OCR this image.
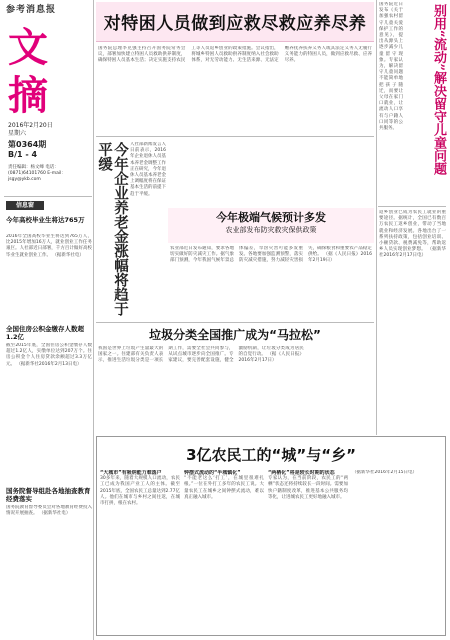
参考消息报
文
摘
2016年2月20日
星期六
第0364期
B/1 - 4
责任编辑：杨文峰 电话：(0871)64101760 E-mail：jsgy@ykb.com
信息窗
今年高校毕业生将达765万
2016年全国高校毕业生将达到765万人，比2015年增加16万人，就业创业工作任务艰巨。人社部近日部署，千方百计做好高校毕业生就业创业工作。 （据新华社电）
全国住房公积金缴存人数超1.2亿
截至2015年底，全国住房公积金缴存人数超过1.2亿人，实缴单位达到207万个。住房公积金个人住房贷款余额超过3.3万亿元。 （据新华社2016年2月13日电）
国务院督导组赴各地抽查教育经费落实
国务院教育督导委员会对各地教育经费投入情况开展抽查。 （据新华社电）
对特困人员做到应救尽救应养尽养
国务院总理李克强主持召开国务院常务会议，部署加快建立特困人员救助供养制度，确保特困人员基本生活；决定实施支持农民工等人员返乡创业的政策措施。会议指出，将城乡特困人员救助供养制度纳入社会救助体系，对无劳动能力、无生活来源、无法定赡养抚养扶养义务人或其法定义务人无履行义务能力的特困人员，做到应救尽救、应养尽养。
国务院近日发布《关于加强农村留守儿童关爱保护工作的意见》，提出从源头上逐步减少儿童留守现象。专家认为，解决留守儿童问题不能简单地把孩子随迁，而要让父母在家门口就业，让流动人口享有与户籍人口同等的公共服务。	别用“流动”解决留守儿童问题
今年企业养老金涨幅将趋于平缓	人社部新闻发言人日前表示，2016年企业退休人员基本养老金调整工作正在研究，今年退休人员基本养老金上调幅度将在保证基本生活的前提下趋于平缓。
今年极端气候预计多发
农业部发布防灾救灾保供政策
农业部近日发布通知，要求各地切实做好防灾减灾工作。据气象部门预测，今年我国气候年景总体偏差，旱涝灾害可能多发重发。各地要加强监测预警，落实防灾减灾措施，努力减轻灾害损失，确保粮食和重要农产品稳定供给。 （据《人民日报》2016年2月19日）
垃圾分类全国推广成为“马拉松”
我国是世界上垃圾产生量最大的国家之一。住建部有关负责人表示，推进生活垃圾分类是一项长期工作，需要全社会共同参与，从试点城市逐步向全国推广。专家建议，要完善配套设施，健全激励机制，让垃圾分类成为居民的自觉行动。 （据《人民日报》2016年2月17日）
返乡创业已成为农民工就业的重要途径。据统计，全国已有数百万农民工返乡创业，带动了当地就业和经济发展。各地出台了一系列扶持政策，包括创业培训、小额贷款、税费减免等，帮助返乡人员实现创业梦想。 （据新华社2016年2月17日电）
3亿农民工的“城”与“乡”
“大城市”有吸纳能力难落户
30多年来，随着大规模人口流动，农民工已成为我国产业工人的主体。截至2015年底，全国农民工总量达到2.77亿人。他们在城市与乡村之间往返，在城市打拼，根在农村。
钟摆式流动的“半城镇化”
“不能老这么‘打工’，在城里很难扎根。”一位在外打工多年的农民工说。大量农民工在城乡之间钟摆式流动，难以真正融入城市。
“两栖化”将是较长时期的状态
专家认为，在当前阶段，农民工的“两栖”状态还将持续较长一段时间。需要加快户籍制度改革，推进基本公共服务均等化，让进城农民工更好地融入城市。
（据新华社2016年2月15日电）
